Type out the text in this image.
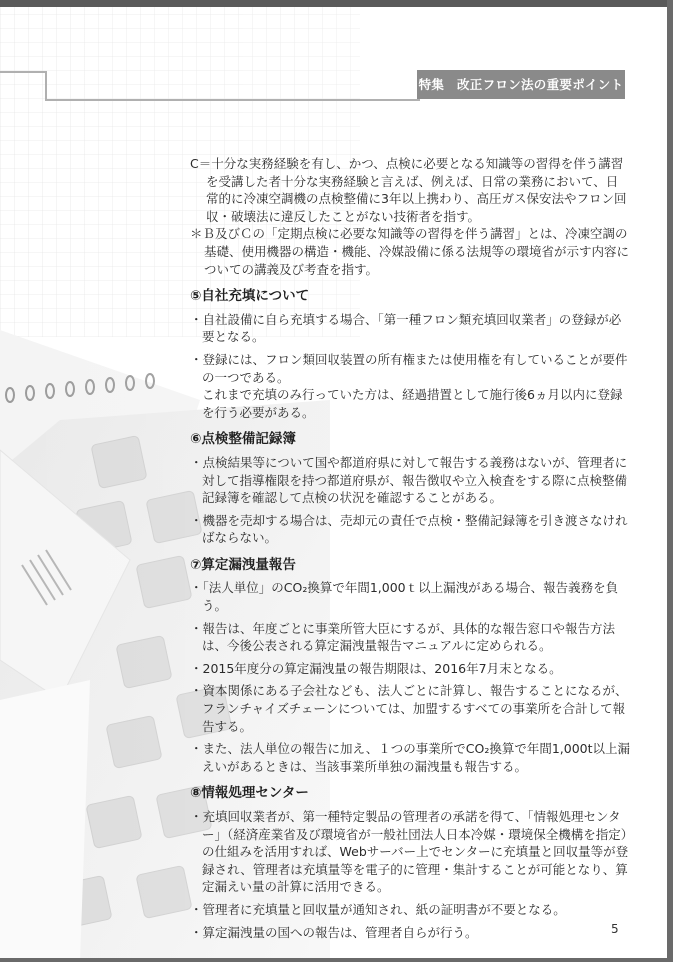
特集　改正フロン法の重要ポイント

C＝十分な実務経験を有し、かつ、点検に必要となる知識等の習得を伴う講習を受講した者十分な実務経験と言えば、例えば、日常の業務において、日常的に冷凍空調機の点検整備に3年以上携わり、高圧ガス保安法やフロン回収・破壊法に違反したことがない技術者を指す。

＊Ｂ及びＣの「定期点検に必要な知識等の習得を伴う講習」とは、冷凍空調の基礎、使用機器の構造・機能、冷媒設備に係る法規等の環境省が示す内容についての講義及び考査を指す。

⑤自社充填について

・自社設備に自ら充填する場合、「第一種フロン類充填回収業者」の登録が必要となる。

・登録には、フロン類回収装置の所有権または使用権を有していることが要件の一つである。

これまで充填のみ行っていた方は、経過措置として施行後6ヵ月以内に登録を行う必要がある。

⑥点検整備記録簿

・点検結果等について国や都道府県に対して報告する義務はないが、管理者に対して指導権限を持つ都道府県が、報告徴収や立入検査をする際に点検整備記録簿を確認して点検の状況を確認することがある。

・機器を売却する場合は、売却元の責任で点検・整備記録簿を引き渡さなければならない。

⑦算定漏洩量報告

・「法人単位」のCO₂換算で年間1,000ｔ以上漏洩がある場合、報告義務を負う。

・報告は、年度ごとに事業所管大臣にするが、具体的な報告窓口や報告方法は、今後公表される算定漏洩量報告マニュアルに定められる。

・2015年度分の算定漏洩量の報告期限は、2016年7月末となる。

・資本関係にある子会社なども、法人ごとに計算し、報告することになるが、フランチャイズチェーンについては、加盟するすべての事業所を合計して報告する。

・また、法人単位の報告に加え、１つの事業所でCO₂換算で年間1,000t以上漏えいがあるときは、当該事業所単独の漏洩量も報告する。

⑧情報処理センター

・充填回収業者が、第一種特定製品の管理者の承諾を得て、「情報処理センター」（経済産業省及び環境省が一般社団法人日本冷媒・環境保全機構を指定）の仕組みを活用すれば、Webサーバー上でセンターに充填量と回収量等が登録され、管理者は充填量等を電子的に管理・集計することが可能となり、算定漏えい量の計算に活用できる。

・管理者に充填量と回収量が通知され、紙の証明書が不要となる。

・算定漏洩量の国への報告は、管理者自らが行う。	5
